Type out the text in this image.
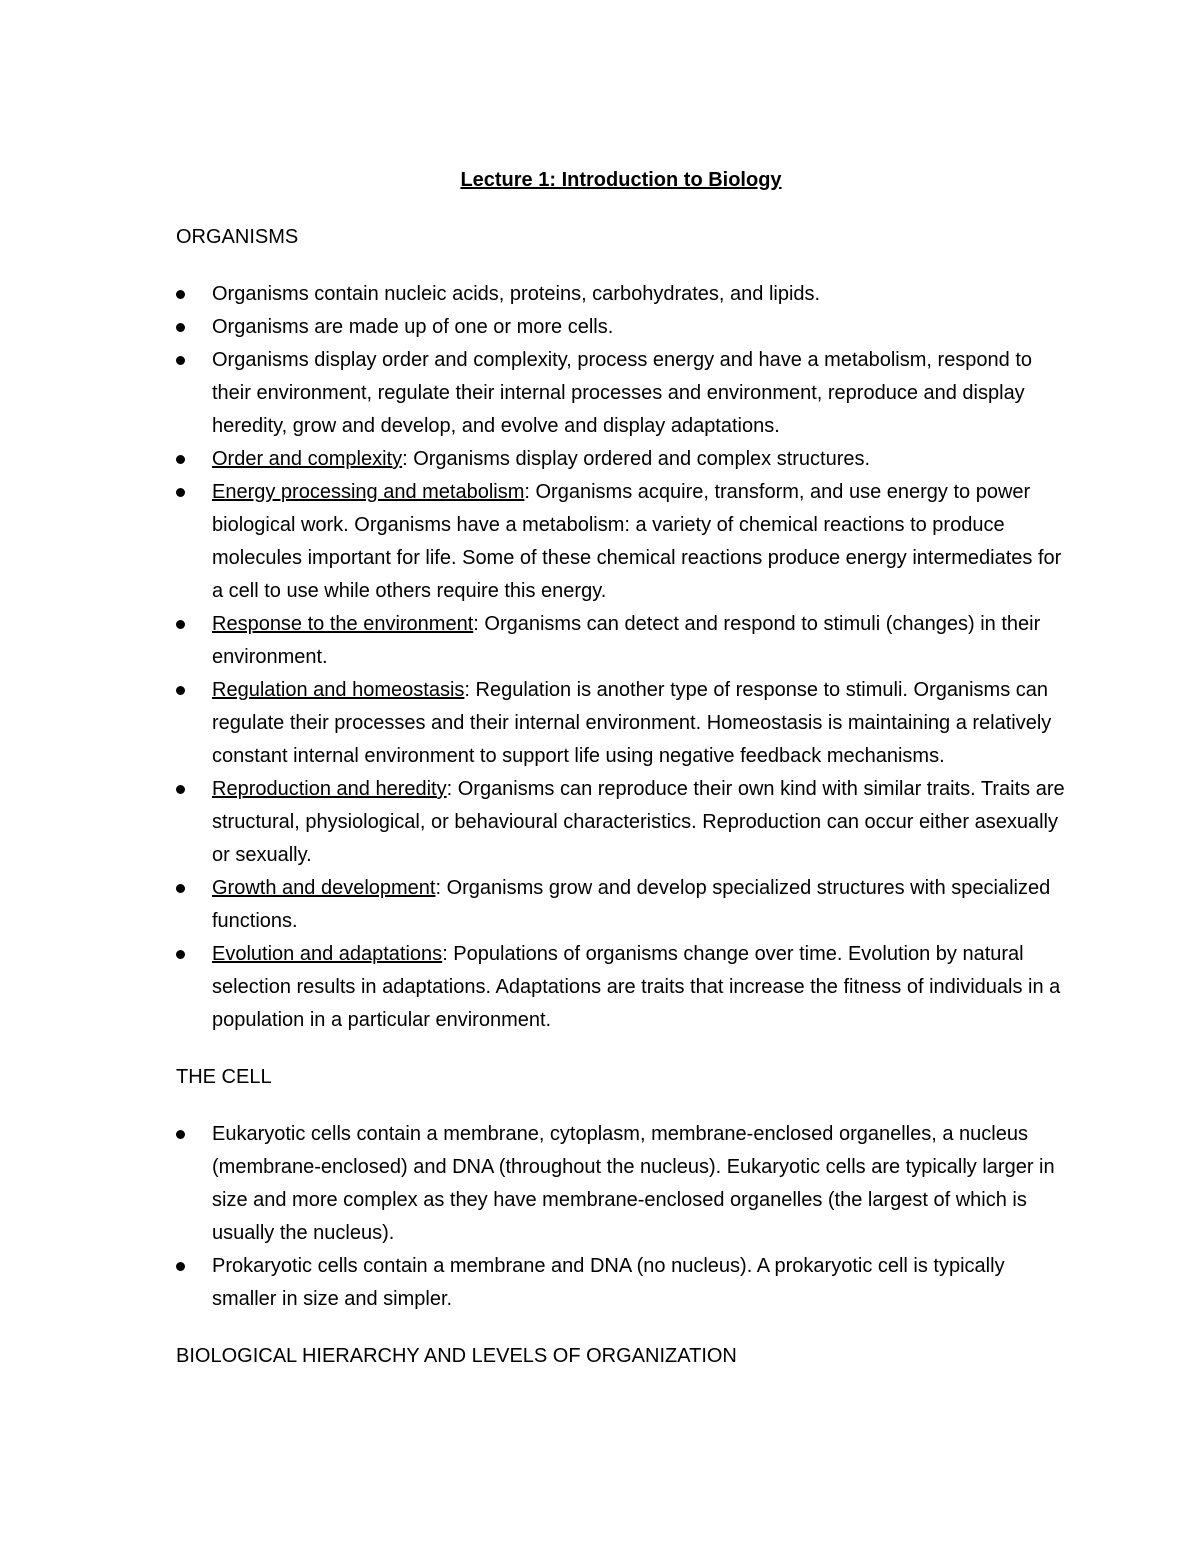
Lecture 1: Introduction to Biology
ORGANISMS
Organisms contain nucleic acids, proteins, carbohydrates, and lipids.
Organisms are made up of one or more cells.
Organisms display order and complexity, process energy and have a metabolism, respond to their environment, regulate their internal processes and environment, reproduce and display heredity, grow and develop, and evolve and display adaptations.
Order and complexity: Organisms display ordered and complex structures.
Energy processing and metabolism: Organisms acquire, transform, and use energy to power biological work. Organisms have a metabolism: a variety of chemical reactions to produce molecules important for life. Some of these chemical reactions produce energy intermediates for a cell to use while others require this energy.
Response to the environment: Organisms can detect and respond to stimuli (changes) in their environment.
Regulation and homeostasis: Regulation is another type of response to stimuli. Organisms can regulate their processes and their internal environment. Homeostasis is maintaining a relatively constant internal environment to support life using negative feedback mechanisms.
Reproduction and heredity: Organisms can reproduce their own kind with similar traits. Traits are structural, physiological, or behavioural characteristics. Reproduction can occur either asexually or sexually.
Growth and development: Organisms grow and develop specialized structures with specialized functions.
Evolution and adaptations: Populations of organisms change over time. Evolution by natural selection results in adaptations. Adaptations are traits that increase the fitness of individuals in a population in a particular environment.
THE CELL
Eukaryotic cells contain a membrane, cytoplasm, membrane-enclosed organelles, a nucleus (membrane-enclosed) and DNA (throughout the nucleus). Eukaryotic cells are typically larger in size and more complex as they have membrane-enclosed organelles (the largest of which is usually the nucleus).
Prokaryotic cells contain a membrane and DNA (no nucleus). A prokaryotic cell is typically smaller in size and simpler.
BIOLOGICAL HIERARCHY AND LEVELS OF ORGANIZATION
